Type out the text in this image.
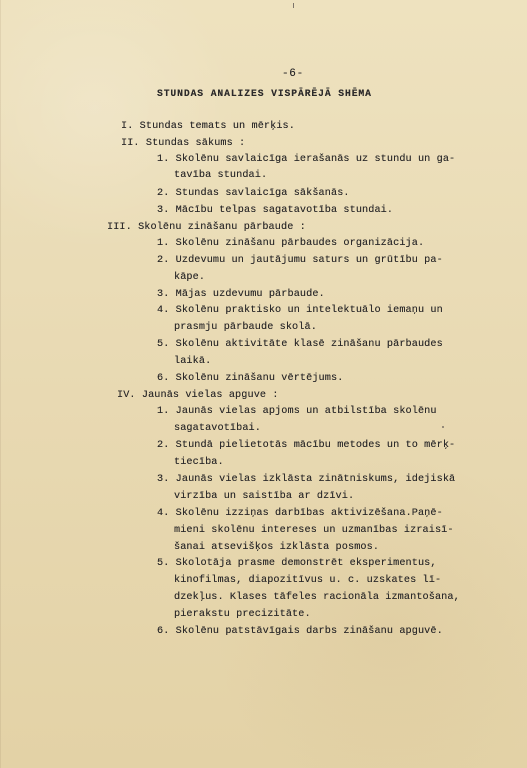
-6-
STUNDAS ANALIZES VISPĀRĒJĀ SHĒMA
I. Stundas temats un mērķis.
II. Stundas sākums :
1. Skolēnu savlaicīga ierašanās uz stundu un ga-
tavība stundai.
2. Stundas savlaicīga sākšanās.
3. Mācību telpas sagatavotība stundai.
III. Skolēnu zināšanu pārbaude :
1. Skolēnu zināšanu pārbaudes organizācija.
2. Uzdevumu un jautājumu saturs un grūtību pa-
kāpe.
3. Mājas uzdevumu pārbaude.
4. Skolēnu praktisko un intelektuālo iemaņu un
prasmju pārbaude skolā.
5. Skolēnu aktivitāte klasē zināšanu pārbaudes
laikā.
6. Skolēnu zināšanu vērtējums.
IV. Jaunās vielas apguve :
1. Jaunās vielas apjoms un atbilstība skolēnu
sagatavotībai.
2. Stundā pielietotās mācību metodes un to mērķ-
tiecība.
3. Jaunās vielas izklāsta zinātniskums, idejiskā
virzība un saistība ar dzīvi.
4. Skolēnu izziņas darbības aktivizēšana.Paņē-
mieni skolēnu intereses un uzmanības izraisī-
šanai atsevišķos izklāsta posmos.
5. Skolotāja prasme demonstrēt eksperimentus,
kinofilmas, diapozitīvus u. c. uzskates lī-
dzekļus. Klases tāfeles racionāla izmantošana,
pierakstu precizitāte.
6. Skolēnu patstāvīgais darbs zināšanu apguvē.
